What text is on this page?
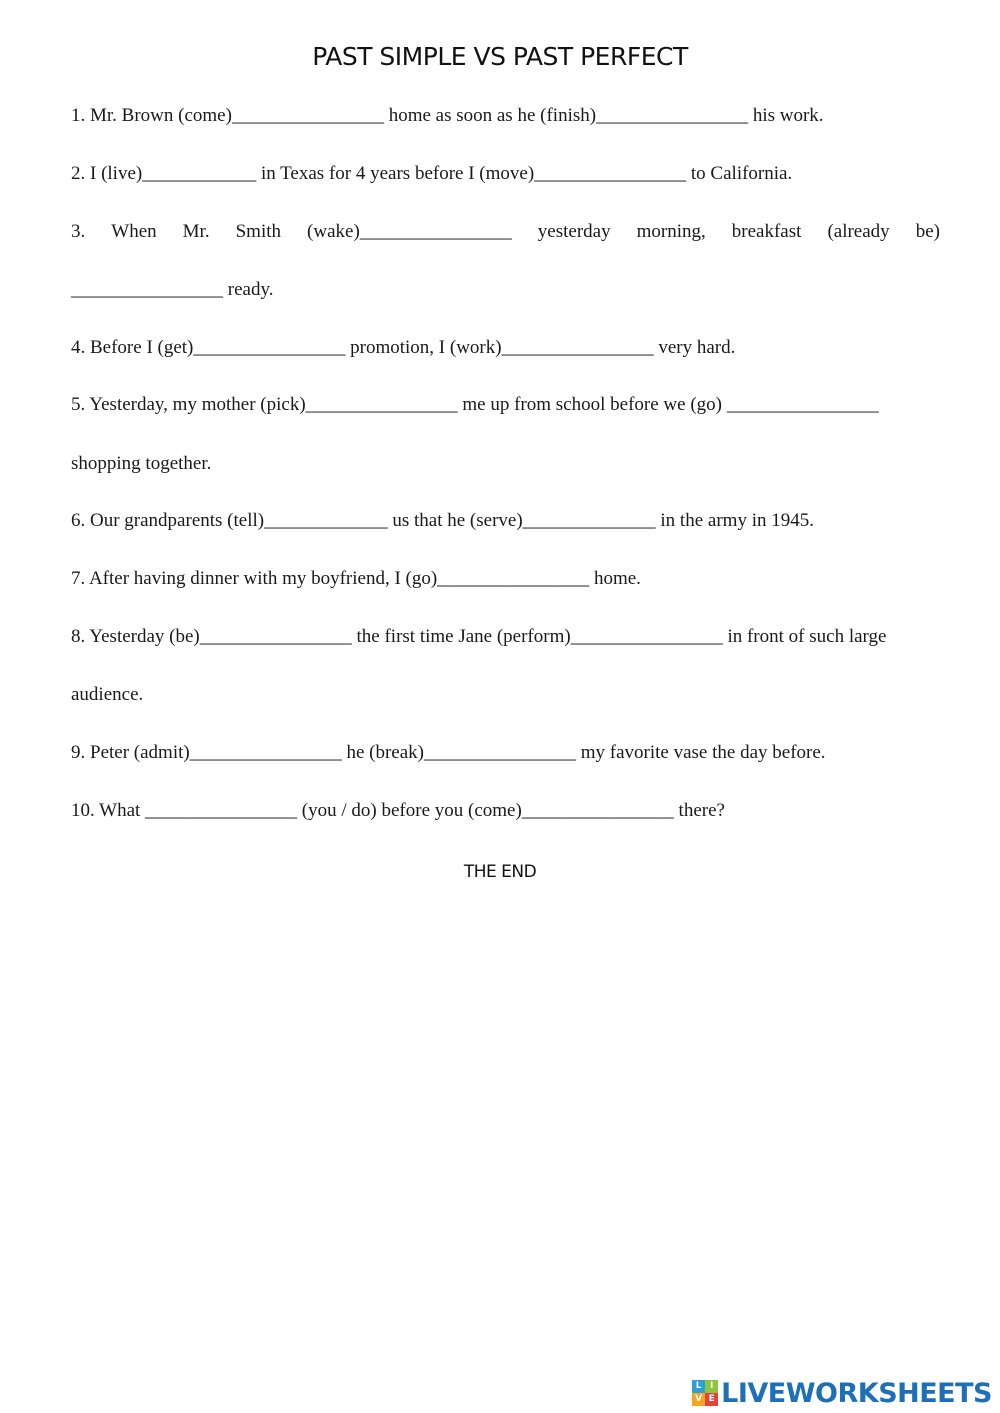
PAST SIMPLE VS PAST PERFECT
1. Mr. Brown (come)________________ home as soon as he (finish)________________ his work.
2. I (live)____________ in Texas for 4 years before I (move)________________ to California.
3. When Mr. Smith (wake)________________ yesterday morning, breakfast (already be)
________________ ready.
4. Before I (get)________________ promotion, I (work)________________ very hard.
5. Yesterday, my mother (pick)________________ me up from school before we (go) ________________
shopping together.
6. Our grandparents (tell)_____________ us that he (serve)______________ in the army in 1945.
7. After having dinner with my boyfriend, I (go)________________ home.
8. Yesterday (be)________________ the first time Jane (perform)________________ in front of such large
audience.
9. Peter (admit)________________ he (break)________________ my favorite vase the day before.
10. What ________________ (you / do) before you (come)________________ there?
THE END
L I
V E LIVEWORKSHEETS
